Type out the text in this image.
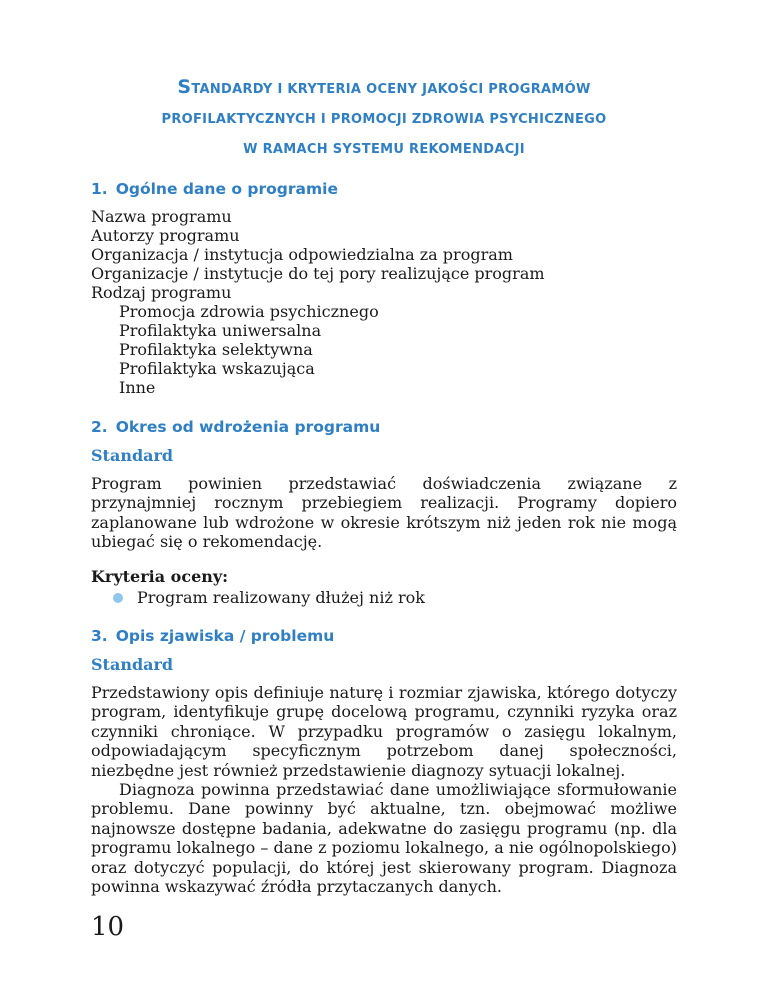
STANDARDY I KRYTERIA OCENY JAKOŚCI PROGRAMÓW
PROFILAKTYCZNYCH I PROMOCJI ZDROWIA PSYCHICZNEGO
W RAMACH SYSTEMU REKOMENDACJI
1. Ogólne dane o programie
Nazwa programu
Autorzy programu
Organizacja / instytucja odpowiedzialna za program
Organizacje / instytucje do tej pory realizujące program
Rodzaj programu
Promocja zdrowia psychicznego
Profilaktyka uniwersalna
Profilaktyka selektywna
Profilaktyka wskazująca
Inne
2. Okres od wdrożenia programu
Standard

Program powinien przedstawiać doświadczenia związane z przynajmniej rocznym przebiegiem realizacji. Programy dopiero zaplanowane lub wdrożone w okresie krótszym niż jeden rok nie mogą ubiegać się o rekomendację.

Kryteria oceny:
Program realizowany dłużej niż rok
3. Opis zjawiska / problemu
Standard

Przedstawiony opis definiuje naturę i rozmiar zjawiska, którego dotyczy program, identyfikuje grupę docelową programu, czynniki ryzyka oraz czynniki chroniące. W przypadku programów o zasięgu lokalnym, odpowiadającym specyficznym potrzebom danej społeczności, niezbędne jest również przedstawienie diagnozy sytuacji lokalnej.

Diagnoza powinna przedstawiać dane umożliwiające sformułowanie problemu. Dane powinny być aktualne, tzn. obejmować możliwe najnowsze dostępne badania, adekwatne do zasięgu programu (np. dla programu lokalnego – dane z poziomu lokalnego, a nie ogólnopolskiego) oraz dotyczyć populacji, do której jest skierowany program. Diagnoza powinna wskazywać źródła przytaczanych danych.

10
